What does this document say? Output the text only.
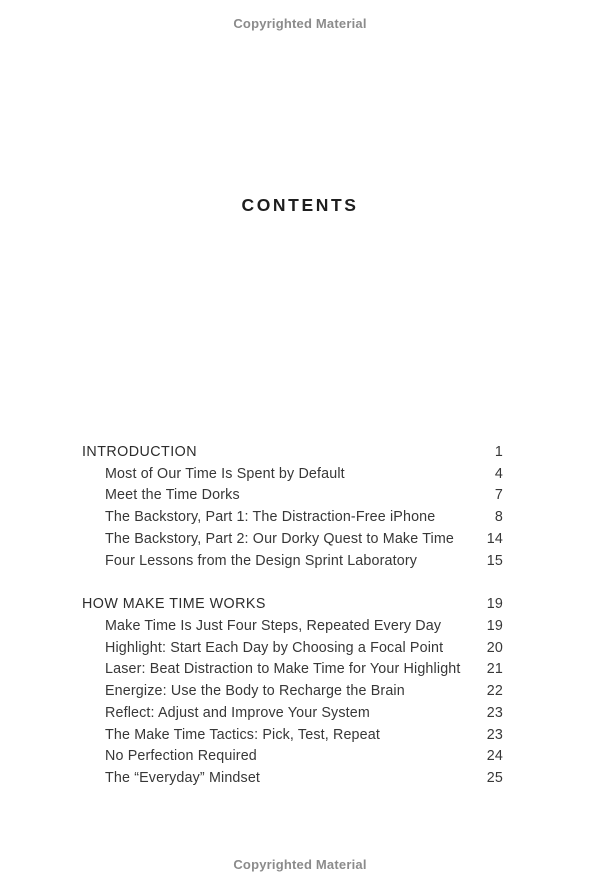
Copyrighted Material
CONTENTS
INTRODUCTION	1
Most of Our Time Is Spent by Default	4
Meet the Time Dorks	7
The Backstory, Part 1: The Distraction-Free iPhone	8
The Backstory, Part 2: Our Dorky Quest to Make Time 14
Four Lessons from the Design Sprint Laboratory	15
HOW MAKE TIME WORKS	19
Make Time Is Just Four Steps, Repeated Every Day	19
Highlight: Start Each Day by Choosing a Focal Point	20
Laser: Beat Distraction to Make Time for Your Highlight 21
Energize: Use the Body to Recharge the Brain	22
Reflect: Adjust and Improve Your System	23
The Make Time Tactics: Pick, Test, Repeat	23
No Perfection Required	24
The “Everyday” Mindset	25
Copyrighted Material
